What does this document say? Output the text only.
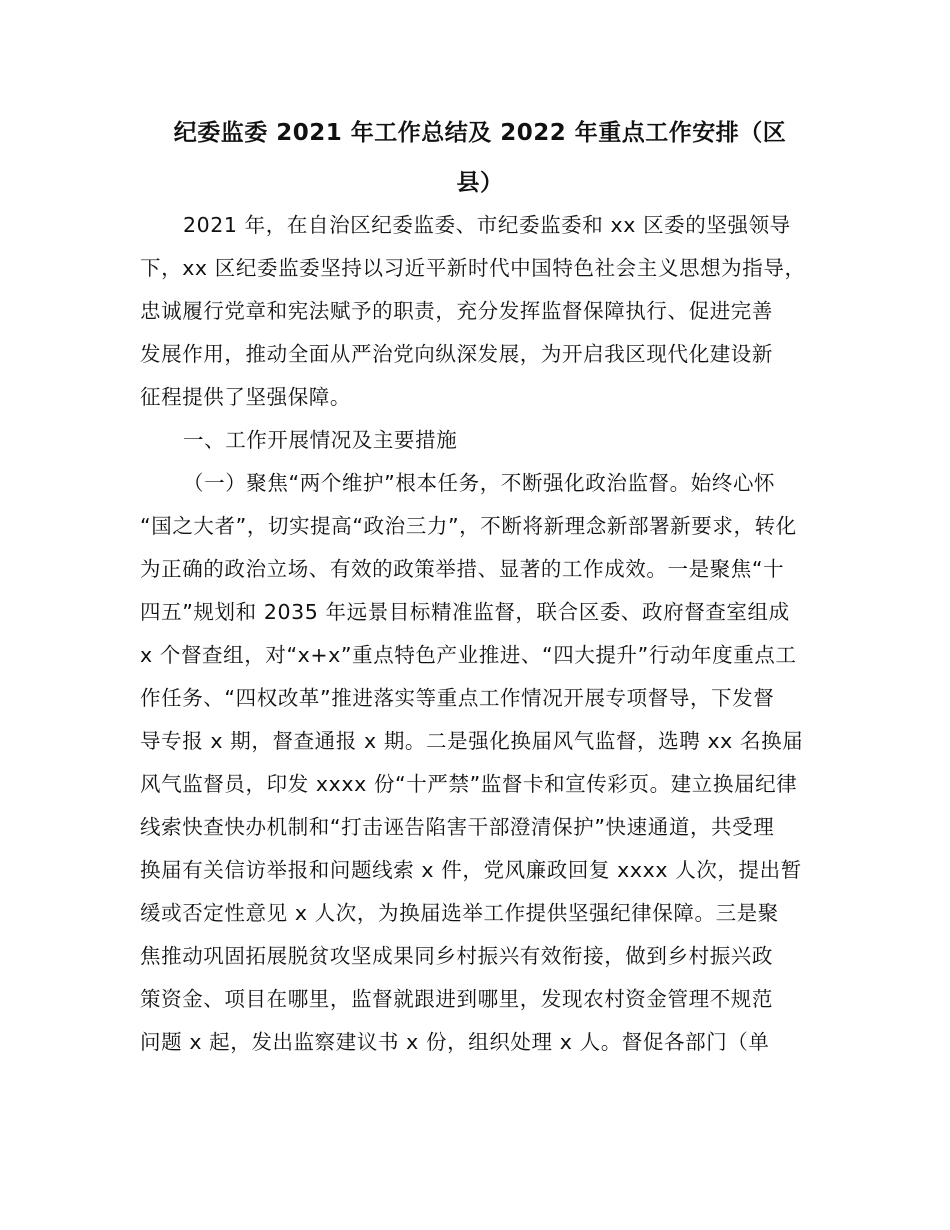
纪委监委 2021 年工作总结及 2022 年重点工作安排（区
县）
2021 年，在自治区纪委监委、市纪委监委和 xx 区委的坚强领导
下，xx 区纪委监委坚持以习近平新时代中国特色社会主义思想为指导，
忠诚履行党章和宪法赋予的职责，充分发挥监督保障执行、促进完善
发展作用，推动全面从严治党向纵深发展，为开启我区现代化建设新
征程提供了坚强保障。
一、工作开展情况及主要措施
（一）聚焦“两个维护”根本任务，不断强化政治监督。始终心怀
“国之大者”，切实提高“政治三力”，不断将新理念新部署新要求，转化
为正确的政治立场、有效的政策举措、显著的工作成效。一是聚焦“十
四五”规划和 2035 年远景目标精准监督，联合区委、政府督查室组成
x 个督查组，对“x+x”重点特色产业推进、“四大提升”行动年度重点工
作任务、“四权改革”推进落实等重点工作情况开展专项督导，下发督
导专报 x 期，督查通报 x 期。二是强化换届风气监督，选聘 xx 名换届
风气监督员，印发 xxxx 份“十严禁”监督卡和宣传彩页。建立换届纪律
线索快查快办机制和“打击诬告陷害干部澄清保护”快速通道，共受理
换届有关信访举报和问题线索 x 件，党风廉政回复 xxxx 人次，提出暂
缓或否定性意见 x 人次，为换届选举工作提供坚强纪律保障。三是聚
焦推动巩固拓展脱贫攻坚成果同乡村振兴有效衔接，做到乡村振兴政
策资金、项目在哪里，监督就跟进到哪里，发现农村资金管理不规范
问题 x 起，发出监察建议书 x 份，组织处理 x 人。督促各部门（单
